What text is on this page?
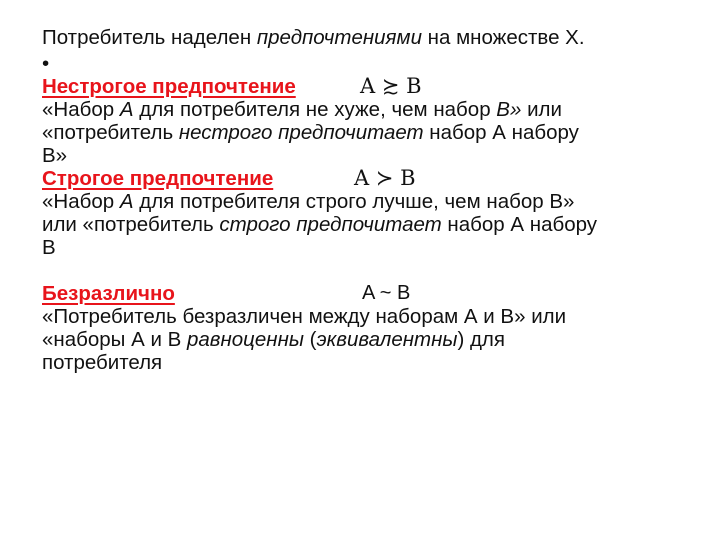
Потребитель наделен предпочтениями на множестве X.
•
Нестрогое предпочтение	A ≿ B
«Набор A для потребителя не хуже, чем набор B» или
«потребитель нестрого предпочитает набор А набору
B»
Строгое предпочтение	A ≻ B
«Набор A для потребителя строго лучше, чем набор B»
или «потребитель строго предпочитает набор А набору
B
Безразлично	A ~ B
«Потребитель безразличен между наборам А и В» или
«наборы А и В равноценны (эквивалентны) для
потребителя
